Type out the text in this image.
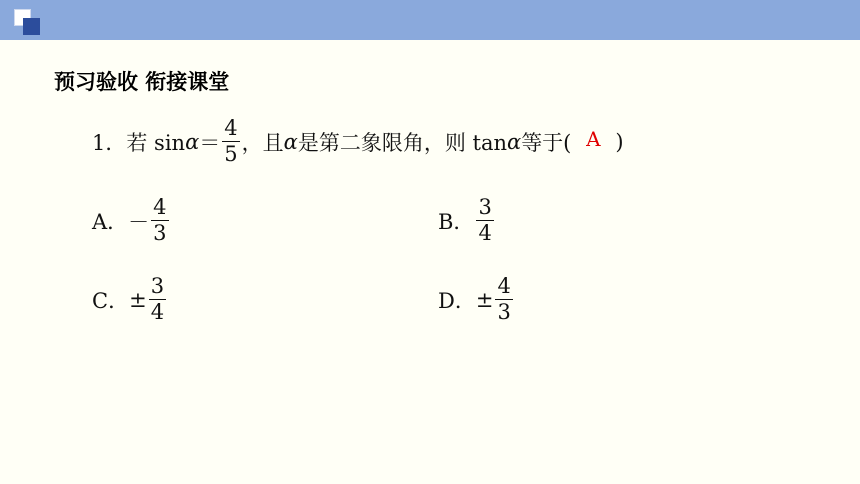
预习验收 衔接课堂
1． 若 $\sin \alpha = \frac{4}{5}$ ，且 α 是第二象限角，则 tan α 等于( A )
A． － $\frac{4}{3}$	B． $\frac{3}{4}$
C． ± $\frac{3}{4}$	D． ± $\frac{4}{3}$
